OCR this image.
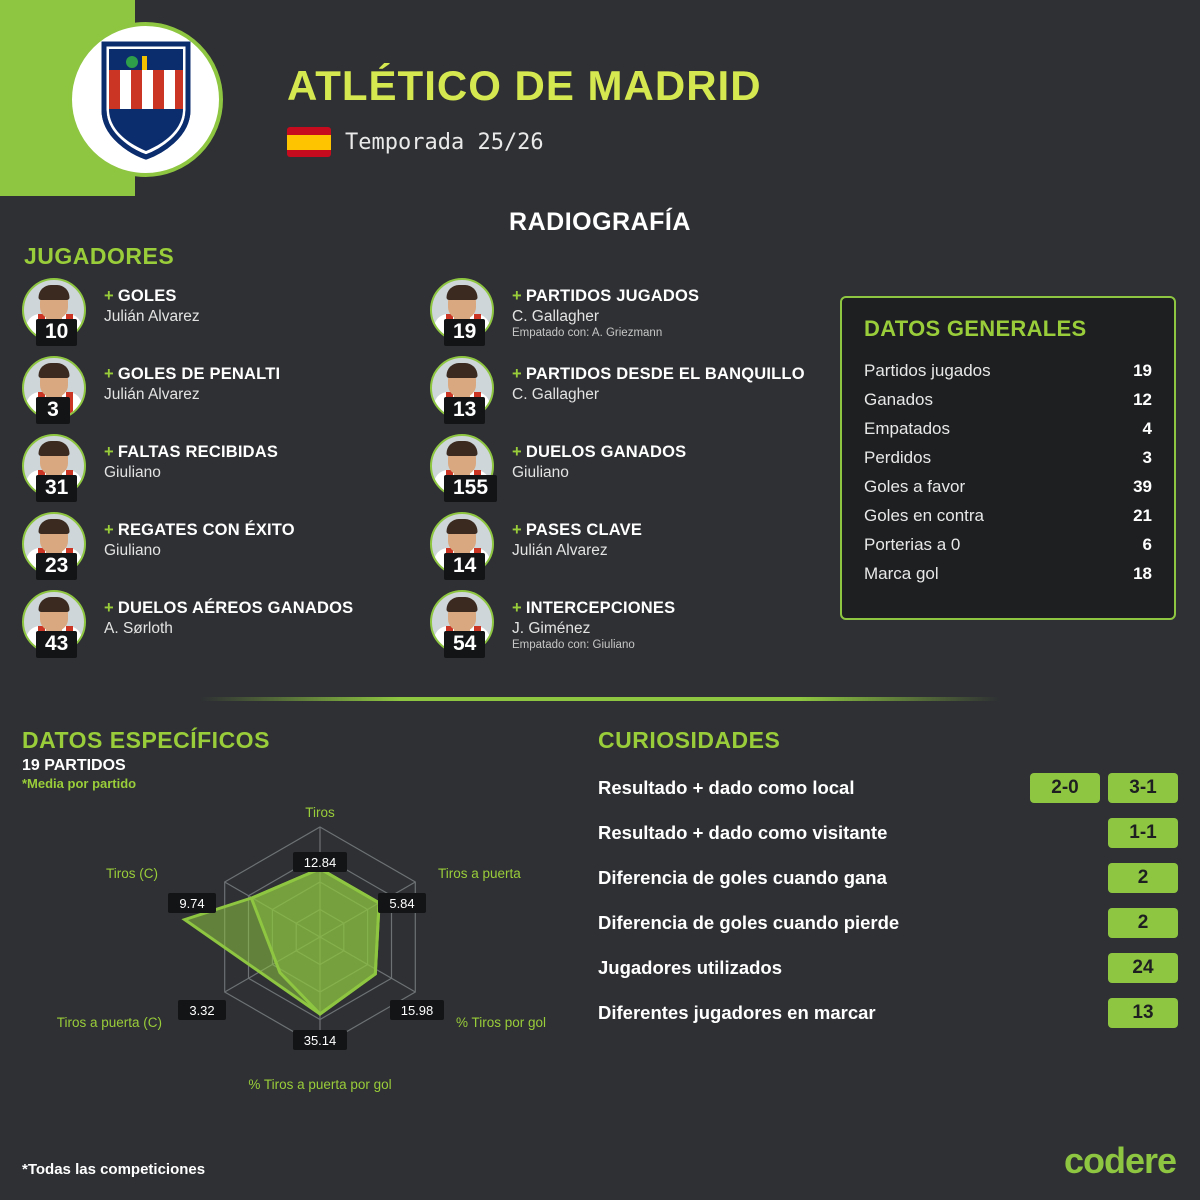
ATLÉTICO DE MADRID
Temporada 25/26
RADIOGRAFÍA
JUGADORES
10
+ GOLES
Julián Alvarez
3
+ GOLES DE PENALTI
Julián Alvarez
31
+ FALTAS RECIBIDAS
Giuliano
23
+ REGATES CON ÉXITO
Giuliano
43
+ DUELOS AÉREOS GANADOS
A. Sørloth
19
+ PARTIDOS JUGADOS
C. Gallagher
Empatado con: A. Griezmann
13
+ PARTIDOS DESDE EL BANQUILLO
C. Gallagher
155
+ DUELOS GANADOS
Giuliano
14
+ PASES CLAVE
Julián Alvarez
54
+ INTERCEPCIONES
J. Giménez
Empatado con: Giuliano
DATOS GENERALES
Partidos jugados	19
Ganados	12
Empatados	4
Perdidos	3
Goles a favor	39
Goles en contra	21
Porterias a 0	6
Marca gol	18
DATOS ESPECÍFICOS
19 PARTIDOS
*Media por partido
12.84
5.84
15.98
35.14
3.32
9.74
Tiros
Tiros a puerta
% Tiros por gol
% Tiros a puerta por gol
Tiros a puerta (C)
Tiros (C)
CURIOSIDADES
Resultado + dado como local	2-0	3-1
Resultado + dado como visitante	1-1
Diferencia de goles cuando gana	2
Diferencia de goles cuando pierde	2
Jugadores utilizados	24
Diferentes jugadores en marcar	13
*Todas las competiciones	codere
